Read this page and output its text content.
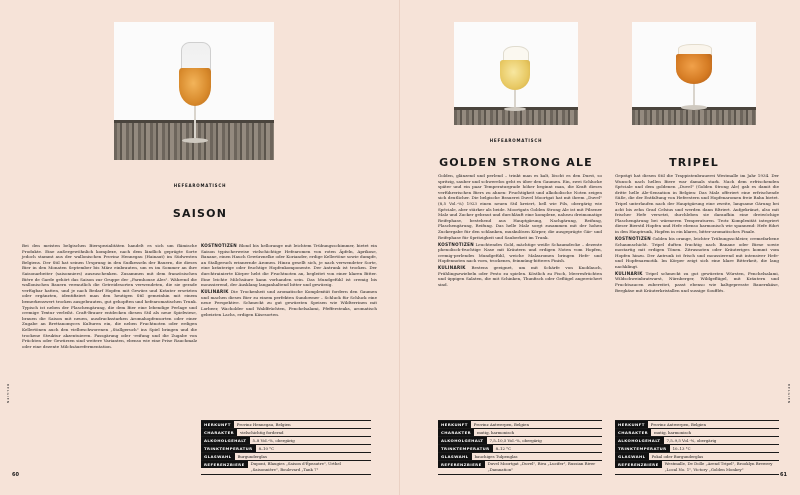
HEFEAROMATISCH
SAISON

Bei den meisten belgischen Bierspezialitäten handelt es sich um flämische Produkte. Eine außergewöhnlich komplexe, nach dem ländlich geprägte Sorte jedoch stammt aus der wallonischen Provinz Hennegau (Hainaut) im Südwesten Belgiens. Der Stil hat seinen Ursprung in den Sudkesseln der Bauern, die dieses Bier in den Monaten September bis März einbrauten, um es im Sommer an ihre Saisonarbeiter (saisonniers) auszuschenken. Zusammen mit dem französischen Bière de Garde gehört das Saison zur Gruppe der „Farmhouse Ales". Während die wallonischen Bauern vermutlich die Getreidesorten verwendeten, die sie gerade verfügbar hatten, und je nach Bedarf Hopfen mit Gewürz und Kräuter ersetzten oder ergänzten, identifiziert man den heutigen Stil gemeinhin mit einem bemerkenswert trocken ausgebrauten, gut gehopften und hefearomatischen Trunk. Typisch ist neben der Flaschengärung, die dem Bier eine lebendige Perlage und cremige Textur verleiht. Craft-Brauer entdecken diesen Stil als neue Spielwiese, brauen die Saison mit neuen, ausdrucksstarken Aromahopfensorten oder einer Zugabe an Brettanomyces Kulturen ein, die neben Fruchtnoten oder erdigen Kellertönen auch den vielbeschworenen „Stallgeruch" ins Spiel bringen und die trockene Struktur akzentuieren. Fassgärung oder -reifung und die Zugabe von Früchten oder Gewürzen sind weitere Varianten, ebenso wie eine Prise Rauchmalz oder eine dezente Milchsäurefermentation.

KOSTNOTIZEN Blond bis hellorange mit leichtem Trübungsschimmer, bietet ein Saison typischerweise vielschichtige Hefearomen von roten Äpfeln, Aprikose, Banane, einen Hauch Gewürznelke oder Koriander, erdige Kellertöne sowie dumpfe, an Stallgeruch erinnernde Aromen. Hinzu gesellt sich, je nach verwendeter Sorte, eine kräuterige oder fruchtige Hopfenkomponente. Der Antrunk ist trocken. Der durchtrainierte Körper hebt die Fruchtnoten an, begleitet von einer klaren Bitter. Eine leichte Milchsäure kann vorhanden sein. Das Mundgefühl ist cremig bis moussierend, der Ausklang langanhaltend bitter und gewürzig.

KULINARIK Die Trockenheit und aromatische Komplexität fordern den Gaumen und machen dieses Bier zu einem perfekten Sundowner – Schluck für Schluck eine neue Perspektive. Schmeckt zu gut gewürzten Speisen wie Wildterrinen mit Lorbeer, Wacholder und Waldfrüchten, Fenchelsalami, Pfeffersteaks, aromatisch gebeizten Lachs, erdigen Käsesorten.

HERKUNFT	Provinz Hennegau, Belgien
CHARAKTER	vielschichtig fordernd
ALKOHOLGEHALT	5–8 Vol.-%, obergärig
TRINKTEMPERATUR	8–10 °C
GLASWAHL	Burgunderglas
REFERENZBIERE	Dupont, Blaugies „Saison d'Épeautre", Urthel „Saisonnière", Boulevard „Tank 7"
BELGIEN
60
HEFEAROMATISCH
GOLDEN STRONG ALE	TRIPEL

Golden, glänzend und perlend – trinkt man es kalt, löscht es den Durst, so spritzig, sauber und schwerelos geht es über den Gaumen. Ein, zwei Schlucke später und ein paar Temperaturgrade höher beginnt man, die Kraft dieses verführerischen Biers zu ahnen: Fruchtigkeit und alkoholische Noten zeigen sich deutlicher. Die belgische Brauerei Duvel Moortgat hat mit ihrem „Duvel" (8,5 Vol.-%) 1923 einen neuen Stil kreiert, hell wie Pils, obergärig wie Spéciale, aber stärker als beide. Moortgats Golden Strong Ale ist mit Pilsener Malz und Zucker gebraut und durchläuft eine komplexe, nahezu dreimonatige Reifephase, bestehend aus Hauptgärung, Nachgärung, Reifung, Flaschengärung, Reifung. Das helle Malz sorgt zusammen mit der hohen Zuckergabe für den schlanken, muskulösen Körper, die ausgeprägte Gär- und Reifephase für Spritzigkeit und Sauberkeit im Trunk.

KOSTNOTIZEN Leuchtendes Gold, mächtige weiße Schaumdecke – dezente phenolisch-fruchtige Nase mit Kräutern und erdigen Noten vom Hopfen, cremig-perlendes Mundgefühl, weiche Malzaromen bringen Hefe- und Hopfennoten nach vorn, trockenes, feinmüng-bitteres Finish.

KULINARIK Bestens geeignet, um mit Schärfe von Knoblauch, Frühlingszwiebeln oder Pesto zu spielen. Köstlich zu Fisch, Meeresfrüchten und üppigen Salaten, die mit Schinken, Thunfisch oder Geflügel angereichert sind.

Geprägt hat diesen Stil die Trappistenbrauerei Westmalle im Jahr 1934. Der Wunsch nach hellen Biere war damals stark. Nach dem erfrischenden Spéciale und dem goldenen „Duvel" (Golden Strong Ale) gab es damit die dritte helle Ale-Sensation in Belgien: Das Malz offeriert eine erfrischende Süße, die der Entfaltung von Hefeestern und Hopfenaromen freie Bahn bietet. Tripel unterlaufen nach der Hauptgärung eine zweite, langsame Gärung bei acht bis zehn Grad Celsius und werden dann filtriert. Aufgekränzt, also mit frischer Hefe versetzt, durchleben sie daraufhin eine dreiwöchige Flaschengärung bei wärmeren Temperaturen. Trotz Komplexität integriert dieser Bierstil Hopfen und Hefe ebenso harmonisch wie spannend: Hefe führt in den Hauptrunk, Hopfen in ein klares, bitter-aromatisches Finale.

KOSTNOTIZEN Golden bis orange, leichter Trübungsschleier, cremefarbene Schaumschicht. Tripel duften fruchtig nach Banane oder Birne sowie mostartig mit erdigen Tönen. Zitrusnoten oder Kräuteriges kommt vom Hopfen hinzu. Der Antrunk ist frisch und moussierend mit intensiver Hefe- und Hopfenarmotik. Im Körper zeigt sich eine klare Bitterkeit, die lang nachklingt.

KULINARIK Tripel schmeckt zu gut gewürzten Würsten, Fenchelsalami, Wildschweinbratwurst, Nürnberger, Wildgeflügel, mit Kräutern und Fruchtsaucen zubereitet, passt ebenso wie kaltgepresste Bauernkäse, Bergkäse mit Kräuterkristallen und sussige Soufflés.

HERKUNFT	Provinz Antwerpen, Belgien
CHARAKTER	mutig, harmonisch
ALKOHOLGEHALT	7,5–10,5 Vol.-%, obergärig
TRINKTEMPERATUR	8–12 °C
GLASWAHL	bauchiges Tulpenglas
REFERENZBIERE	Duvel Moortgat „Duvel", Riva „Lucifer", Russian River „Damnation"
HERKUNFT	Provinz Antwerpen, Belgien
CHARAKTER	mutig, harmonisch
ALKOHOLGEHALT	7,5–9,5 Vol.-%, obergärig
TRINKTEMPERATUR	10–13 °C
GLASWAHL	Pokal oder Burgunderglas
REFERENZBIERE	Westmalle, De Dolle „Arend Tripel", Brooklyn Brewery „Local No. 1", Victory „Golden Monkey"
BELGIEN
61
